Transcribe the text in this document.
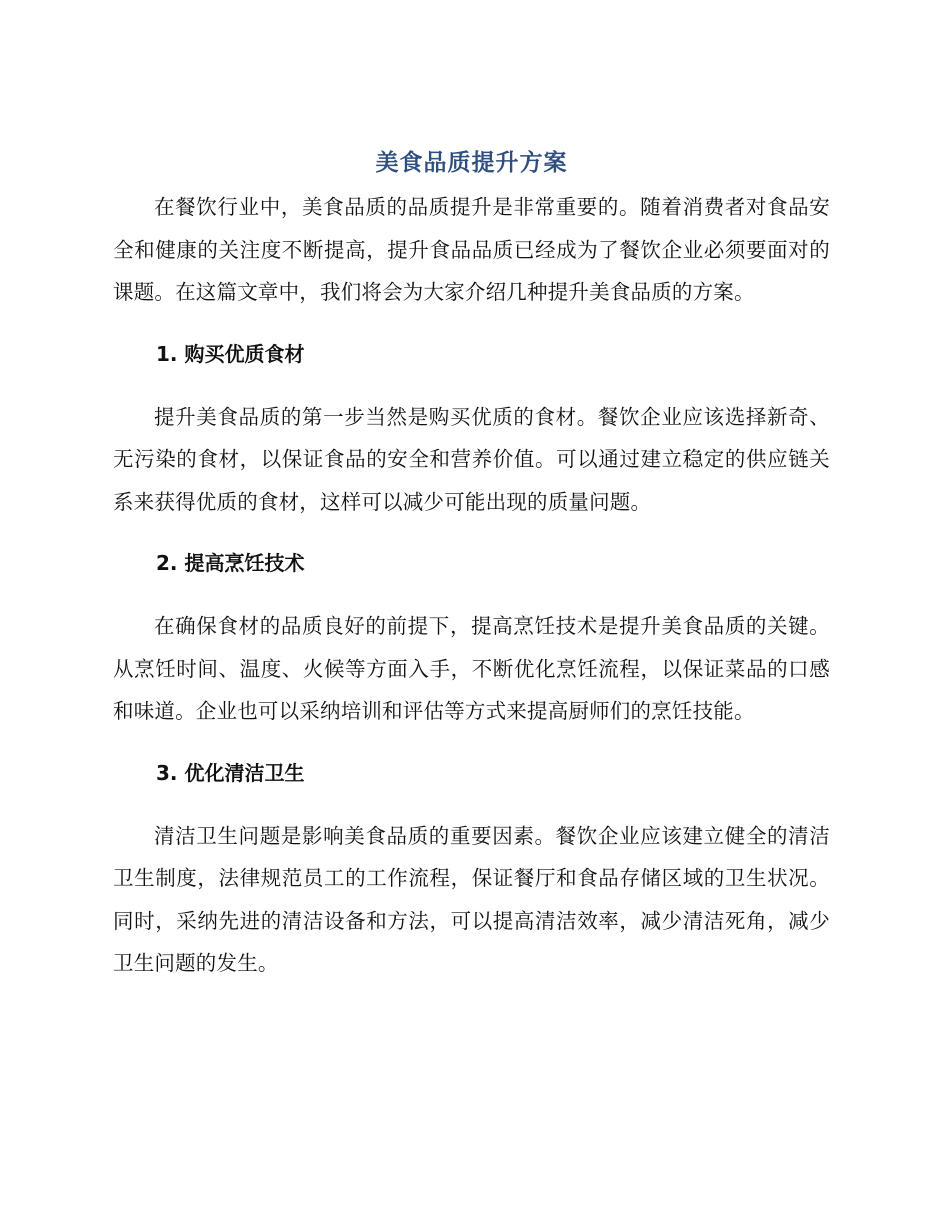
美食品质提升方案

在餐饮行业中，美食品质的品质提升是非常重要的。随着消费者对食品安全和健康的关注度不断提高，提升食品品质已经成为了餐饮企业必须要面对的课题。在这篇文章中，我们将会为大家介绍几种提升美食品质的方案。

1. 购买优质食材

提升美食品质的第一步当然是购买优质的食材。餐饮企业应该选择新奇、无污染的食材，以保证食品的安全和营养价值。可以通过建立稳定的供应链关系来获得优质的食材，这样可以减少可能出现的质量问题。

2. 提高烹饪技术

在确保食材的品质良好的前提下，提高烹饪技术是提升美食品质的关键。从烹饪时间、温度、火候等方面入手，不断优化烹饪流程，以保证菜品的口感和味道。企业也可以采纳培训和评估等方式来提高厨师们的烹饪技能。

3. 优化清洁卫生

清洁卫生问题是影响美食品质的重要因素。餐饮企业应该建立健全的清洁卫生制度，法律规范员工的工作流程，保证餐厅和食品存储区域的卫生状况。同时，采纳先进的清洁设备和方法，可以提高清洁效率，减少清洁死角，减少卫生问题的发生。
